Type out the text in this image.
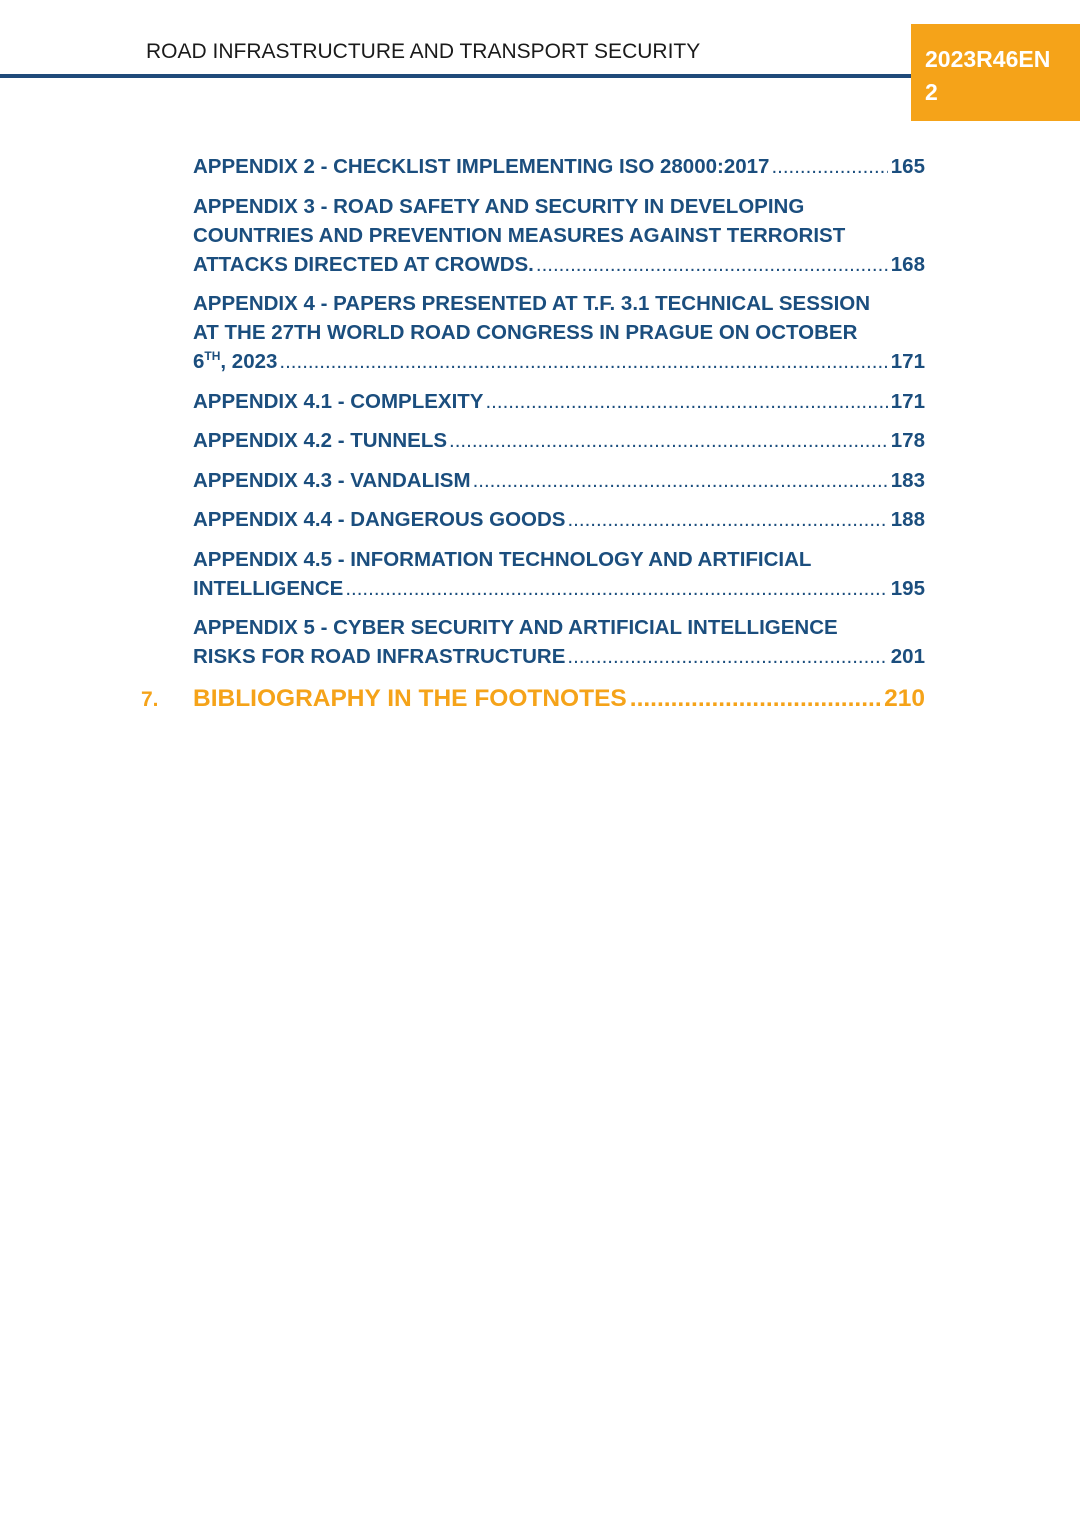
ROAD INFRASTRUCTURE AND TRANSPORT SECURITY	2023R46EN
2
APPENDIX 2 - CHECKLIST IMPLEMENTING ISO 28000:2017 .....	165
APPENDIX 3 - ROAD SAFETY AND SECURITY IN DEVELOPING
COUNTRIES AND PREVENTION MEASURES AGAINST TERRORIST
ATTACKS DIRECTED AT CROWDS. .....	168
APPENDIX 4 - PAPERS PRESENTED AT T.F. 3.1 TECHNICAL SESSION
AT THE 27TH WORLD ROAD CONGRESS IN PRAGUE ON OCTOBER
6TH, 2023 .....	171
APPENDIX 4.1 - COMPLEXITY .....	171
APPENDIX 4.2 - TUNNELS .....	178
APPENDIX 4.3 - VANDALISM .....	183
APPENDIX 4.4 - DANGEROUS GOODS .....	188
APPENDIX 4.5 - INFORMATION TECHNOLOGY AND ARTIFICIAL
INTELLIGENCE .....	195
APPENDIX 5 - CYBER SECURITY AND ARTIFICIAL INTELLIGENCE
RISKS FOR ROAD INFRASTRUCTURE .....	201
7.	BIBLIOGRAPHY IN THE FOOTNOTES .....	210
